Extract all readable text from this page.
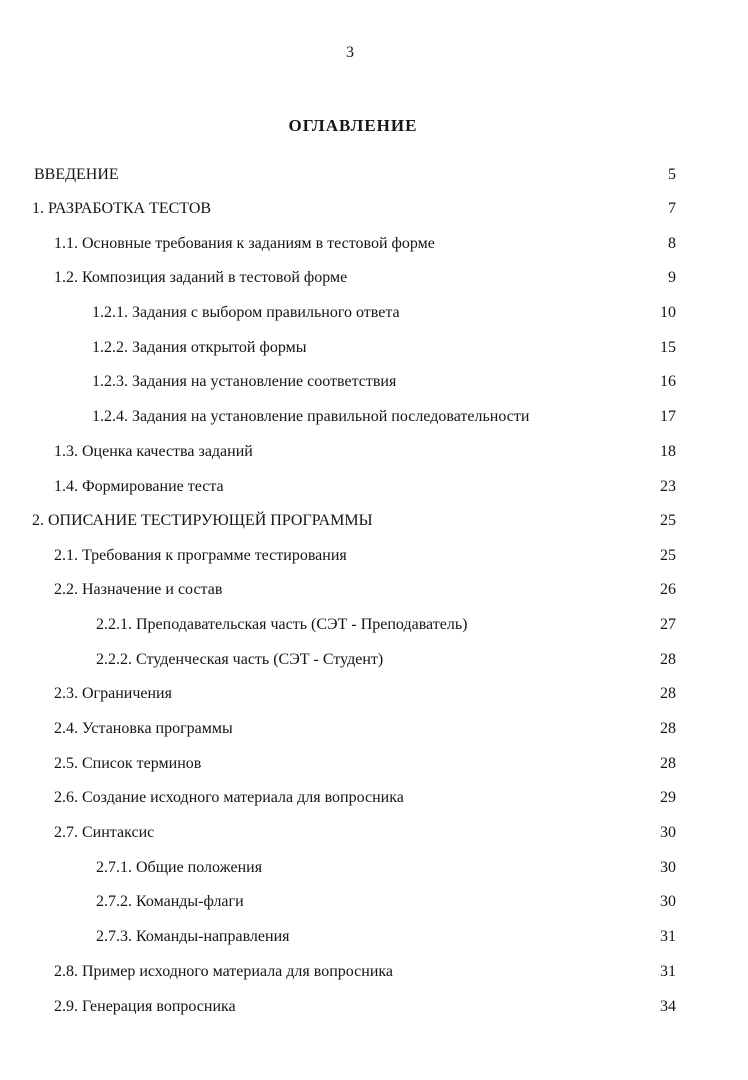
3
ОГЛАВЛЕНИЕ
ВВЕДЕНИЕ	5
1. РАЗРАБОТКА ТЕСТОВ	7
1.1. Основные требования к заданиям в тестовой форме	8
1.2. Композиция заданий в тестовой форме	9
1.2.1. Задания с выбором правильного ответа	10
1.2.2. Задания открытой формы	15
1.2.3. Задания на установление соответствия	16
1.2.4. Задания на установление правильной последовательности	17
1.3. Оценка качества заданий	18
1.4. Формирование теста	23
2. ОПИСАНИЕ ТЕСТИРУЮЩЕЙ ПРОГРАММЫ	25
2.1. Требования к программе тестирования	25
2.2. Назначение и состав	26
2.2.1. Преподавательская часть (СЭТ - Преподаватель)	27
2.2.2. Студенческая часть (СЭТ - Студент)	28
2.3. Ограничения	28
2.4. Установка программы	28
2.5. Список терминов	28
2.6. Создание исходного материала для вопросника	29
2.7. Синтаксис	30
2.7.1. Общие положения	30
2.7.2. Команды-флаги	30
2.7.3. Команды-направления	31
2.8. Пример исходного материала для вопросника	31
2.9. Генерация вопросника	34
